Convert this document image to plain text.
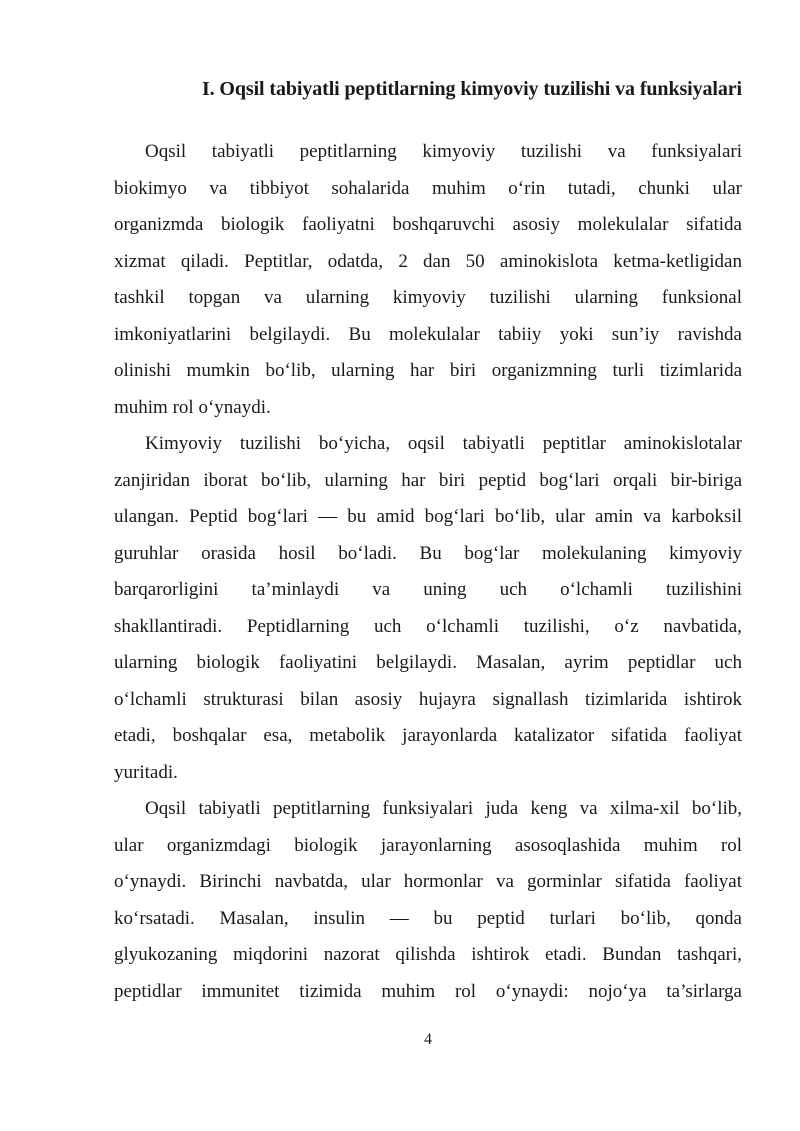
I. Oqsil tabiyatli peptitlarning kimyoviy tuzilishi va funksiyalari

Oqsil tabiyatli peptitlarning kimyoviy tuzilishi va funksiyalari
biokimyo va tibbiyot sohalarida muhim o‘rin tutadi, chunki ular
organizmda biologik faoliyatni boshqaruvchi asosiy molekulalar sifatida
xizmat qiladi. Peptitlar, odatda, 2 dan 50 aminokislota ketma-ketligidan
tashkil topgan va ularning kimyoviy tuzilishi ularning funksional
imkoniyatlarini belgilaydi. Bu molekulalar tabiiy yoki sun’iy ravishda
olinishi mumkin bo‘lib, ularning har biri organizmning turli tizimlarida
muhim rol o‘ynaydi.

Kimyoviy tuzilishi bo‘yicha, oqsil tabiyatli peptitlar aminokislotalar
zanjiridan iborat bo‘lib, ularning har biri peptid bog‘lari orqali bir-biriga
ulangan. Peptid bog‘lari — bu amid bog‘lari bo‘lib, ular amin va karboksil
guruhlar orasida hosil bo‘ladi. Bu bog‘lar molekulaning kimyoviy
barqarorligini ta’minlaydi va uning uch o‘lchamli tuzilishini
shakllantiradi. Peptidlarning uch o‘lchamli tuzilishi, o‘z navbatida,
ularning biologik faoliyatini belgilaydi. Masalan, ayrim peptidlar uch
o‘lchamli strukturasi bilan asosiy hujayra signallash tizimlarida ishtirok
etadi, boshqalar esa, metabolik jarayonlarda katalizator sifatida faoliyat
yuritadi.

Oqsil tabiyatli peptitlarning funksiyalari juda keng va xilma-xil bo‘lib,
ular organizmdagi biologik jarayonlarning asosoqlashida muhim rol
o‘ynaydi. Birinchi navbatda, ular hormonlar va gorminlar sifatida faoliyat
ko‘rsatadi. Masalan, insulin — bu peptid turlari bo‘lib, qonda
glyukozaning miqdorini nazorat qilishda ishtirok etadi. Bundan tashqari,
peptidlar immunitet tizimida muhim rol o‘ynaydi: nojo‘ya ta’sirlarga

4
